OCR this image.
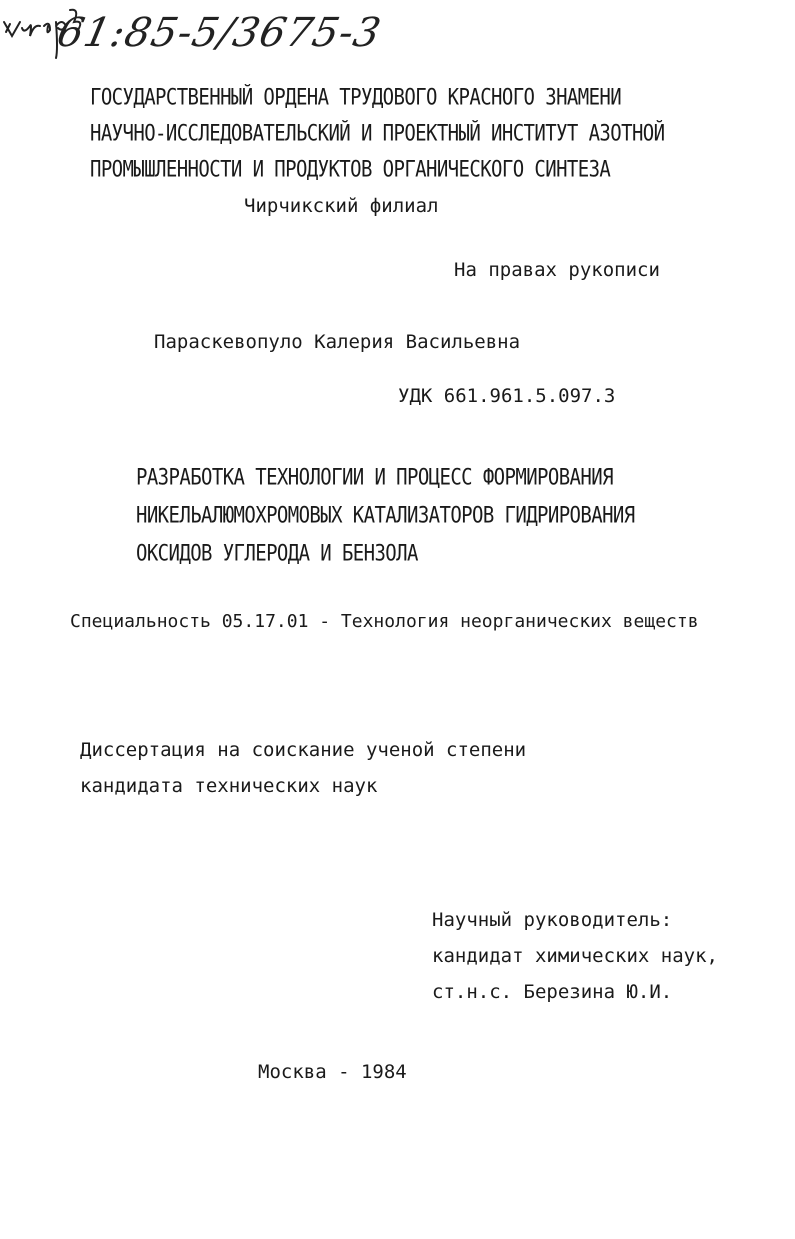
61:85-5/3675-3
ГОСУДАРСТВЕННЫЙ ОРДЕНА ТРУДОВОГО КРАСНОГО ЗНАМЕНИ
НАУЧНО-ИССЛЕДОВАТЕЛЬСКИЙ И ПРОЕКТНЫЙ ИНСТИТУТ АЗОТНОЙ
ПРОМЫШЛЕННОСТИ И ПРОДУКТОВ ОРГАНИЧЕСКОГО СИНТЕЗА
Чирчикский филиал
На правах рукописи
Параскевопуло Калерия Васильевна
УДК 661.961.5.097.3
РАЗРАБОТКА ТЕХНОЛОГИИ И ПРОЦЕСС ФОРМИРОВАНИЯ
НИКЕЛЬАЛЮМОХРОМОВЫХ КАТАЛИЗАТОРОВ ГИДРИРОВАНИЯ
ОКСИДОВ УГЛЕРОДА И БЕНЗОЛА
Специальность 05.17.01 - Технология неорганических веществ
Диссертация на соискание ученой степени
кандидата технических наук
Научный руководитель:
кандидат химических наук,
ст.н.с. Березина Ю.И.
Москва - 1984
